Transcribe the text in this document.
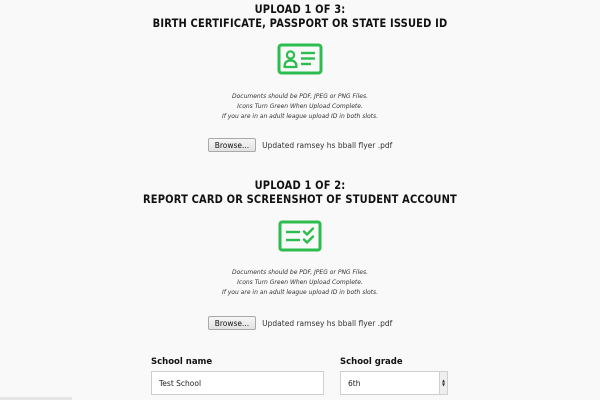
UPLOAD 1 OF 3:
BIRTH CERTIFICATE, PASSPORT OR STATE ISSUED ID
Documents should be PDF, JPEG or PNG Files.
Icons Turn Green When Upload Complete.
If you are in an adult league upload ID in both slots.
Browse...	Updated ramsey hs bball flyer .pdf
UPLOAD 1 OF 2:
REPORT CARD OR SCREENSHOT OF STUDENT ACCOUNT
Documents should be PDF, JPEG or PNG Files.
Icons Turn Green When Upload Complete.
If you are in an adult league upload ID in both slots.
Browse...	Updated ramsey hs bball flyer .pdf
School name
Test School
School grade
6th	▲
▼
